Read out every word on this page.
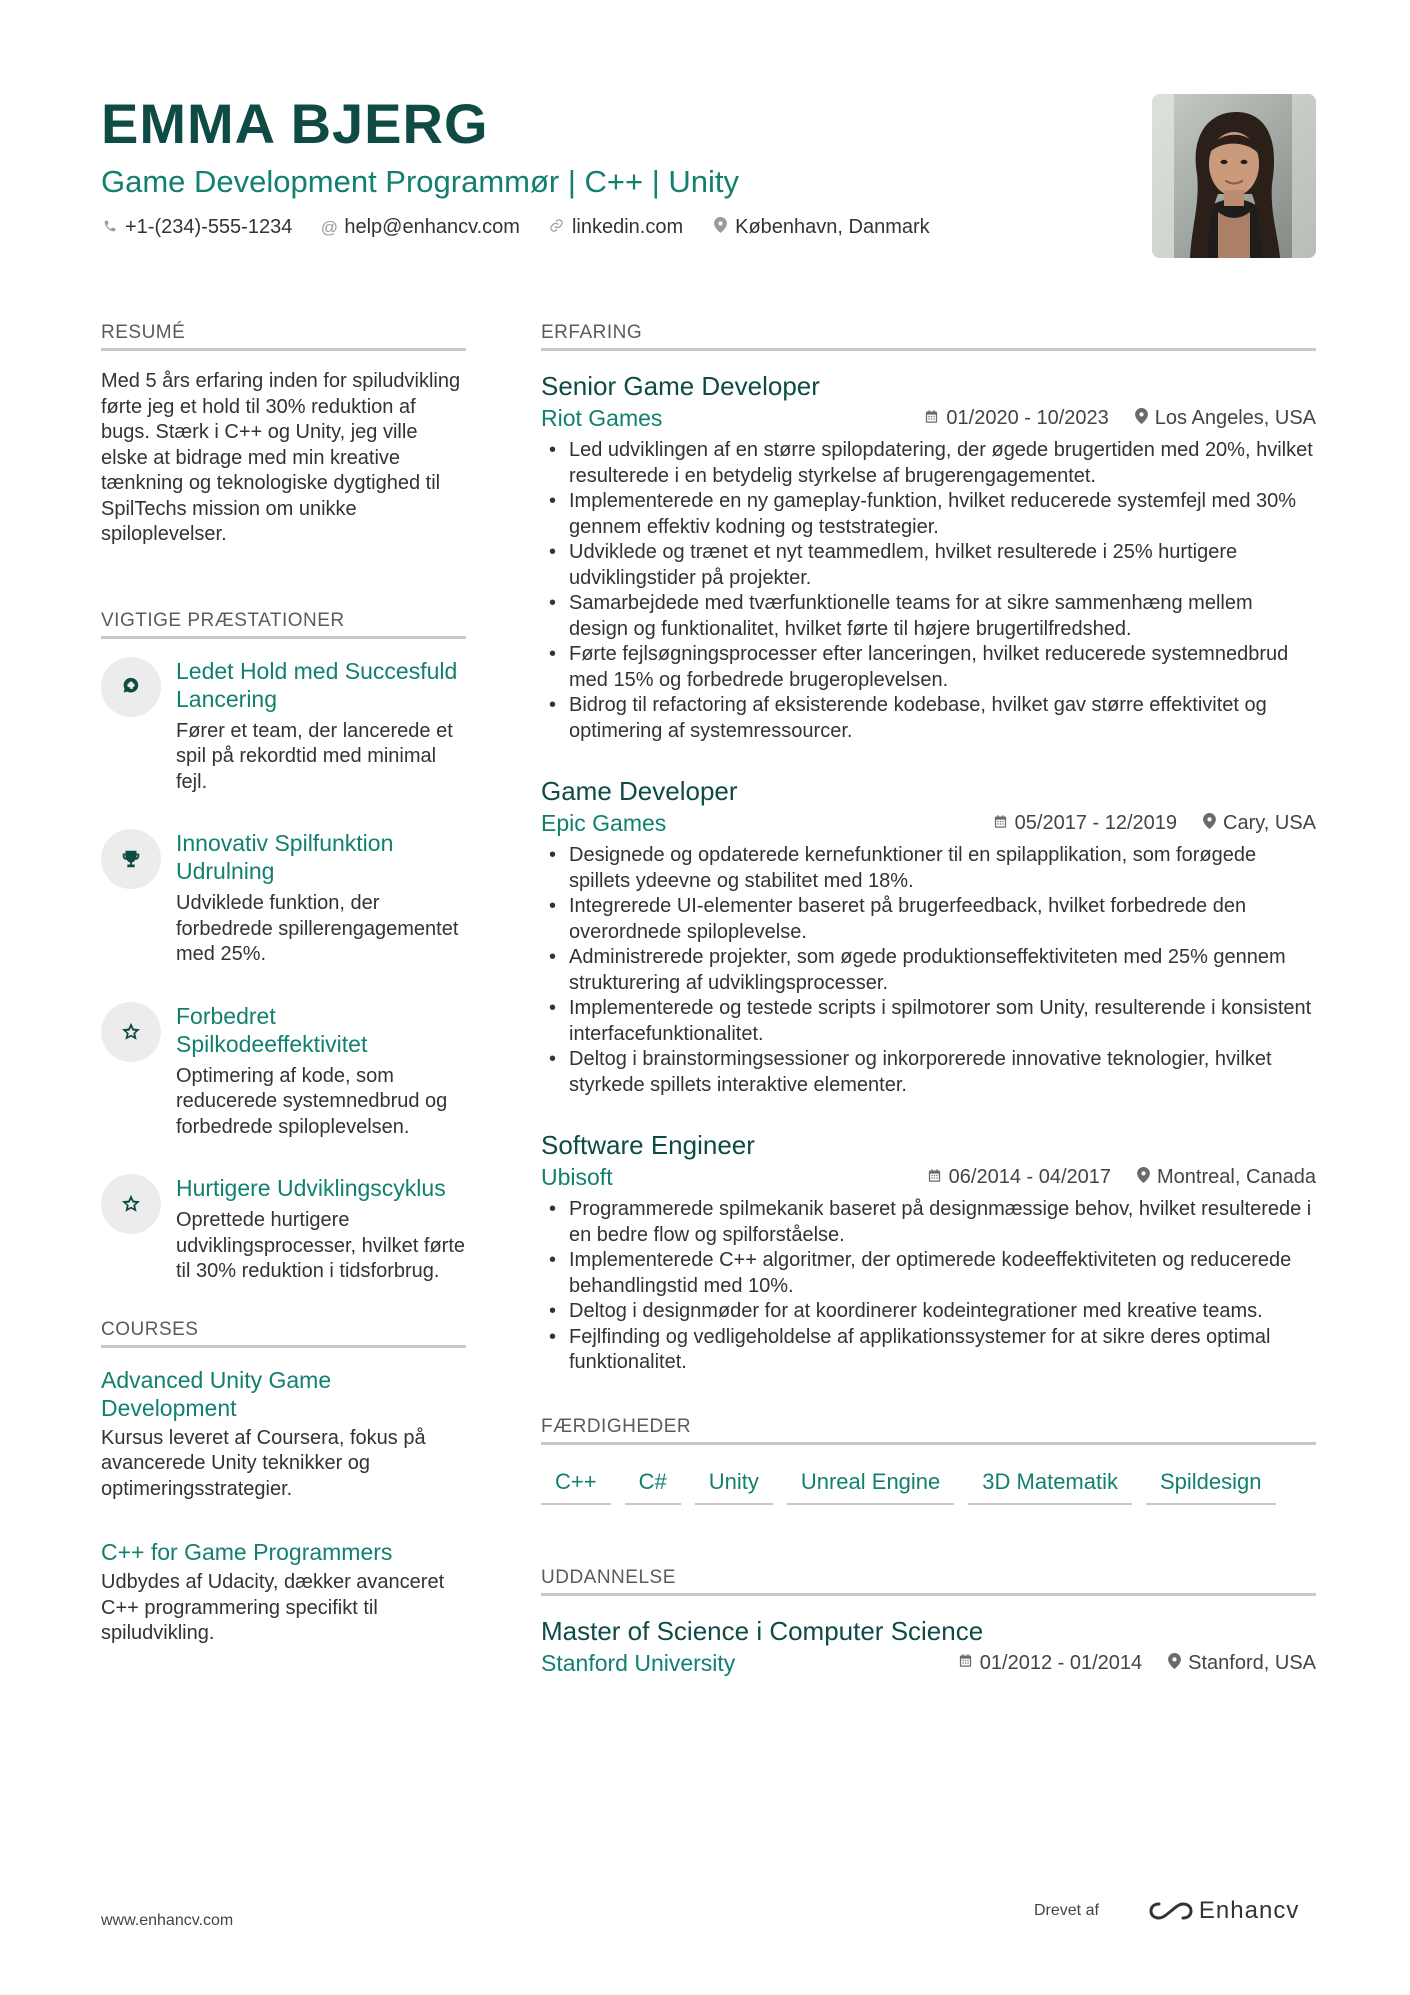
EMMA BJERG
Game Development Programmør | C++ | Unity
+1-(234)-555-1234 @ help@enhancv.com	linkedin.com	København, Danmark
RESUMÉ
Med 5 års erfaring inden for spiludvikling førte jeg et hold til 30% reduktion af bugs. Stærk i C++ og Unity, jeg ville elske at bidrage med min kreative tænkning og teknologiske dygtighed til SpilTechs mission om unikke spiloplevelser.
VIGTIGE PRÆSTATIONER
Ledet Hold med Succesfuld Lancering
Fører et team, der lancerede et spil på rekordtid med minimal fejl.
Innovativ Spilfunktion Udrulning
Udviklede funktion, der forbedrede spillerengagementet med 25%.
Forbedret Spilkodeeffektivitet
Optimering af kode, som reducerede systemnedbrud og forbedrede spiloplevelsen.
Hurtigere Udviklingscyklus
Oprettede hurtigere udviklingsprocesser, hvilket førte til 30% reduktion i tidsforbrug.
COURSES
Advanced Unity Game Development
Kursus leveret af Coursera, fokus på avancerede Unity teknikker og optimeringsstrategier.
C++ for Game Programmers
Udbydes af Udacity, dækker avanceret C++ programmering specifikt til spiludvikling.
ERFARING
Senior Game Developer
Riot Games	01/2020 - 10/2023 Los Angeles, USA
• Led udviklingen af en større spilopdatering, der øgede brugertiden med 20%, hvilket resulterede i en betydelig styrkelse af brugerengagementet.
• Implementerede en ny gameplay-funktion, hvilket reducerede systemfejl med 30% gennem effektiv kodning og teststrategier.
• Udviklede og trænet et nyt teammedlem, hvilket resulterede i 25% hurtigere udviklingstider på projekter.
• Samarbejdede med tværfunktionelle teams for at sikre sammenhæng mellem design og funktionalitet, hvilket førte til højere brugertilfredshed.
• Førte fejlsøgningsprocesser efter lanceringen, hvilket reducerede systemnedbrud med 15% og forbedrede brugeroplevelsen.
• Bidrog til refactoring af eksisterende kodebase, hvilket gav større effektivitet og optimering af systemressourcer.
Game Developer
Epic Games	05/2017 - 12/2019 Cary, USA
• Designede og opdaterede kernefunktioner til en spilapplikation, som forøgede spillets ydeevne og stabilitet med 18%.
• Integrerede UI-elementer baseret på brugerfeedback, hvilket forbedrede den overordnede spiloplevelse.
• Administrerede projekter, som øgede produktionseffektiviteten med 25% gennem strukturering af udviklingsprocesser.
• Implementerede og testede scripts i spilmotorer som Unity, resulterende i konsistent interfacefunktionalitet.
• Deltog i brainstormingsessioner og inkorporerede innovative teknologier, hvilket styrkede spillets interaktive elementer.
Software Engineer
Ubisoft	06/2014 - 04/2017 Montreal, Canada
• Programmerede spilmekanik baseret på designmæssige behov, hvilket resulterede i en bedre flow og spilforståelse.
• Implementerede C++ algoritmer, der optimerede kodeeffektiviteten og reducerede behandlingstid med 10%.
• Deltog i designmøder for at koordinerer kodeintegrationer med kreative teams.
• Fejlfinding og vedligeholdelse af applikationssystemer for at sikre deres optimal funktionalitet.
FÆRDIGHEDER
C++	C#	Unity	Unreal Engine	3D Matematik	Spildesign
UDDANNELSE
Master of Science i Computer Science
Stanford University	01/2012 - 01/2014 Stanford, USA
www.enhancv.com
Drevet af	Enhancv
